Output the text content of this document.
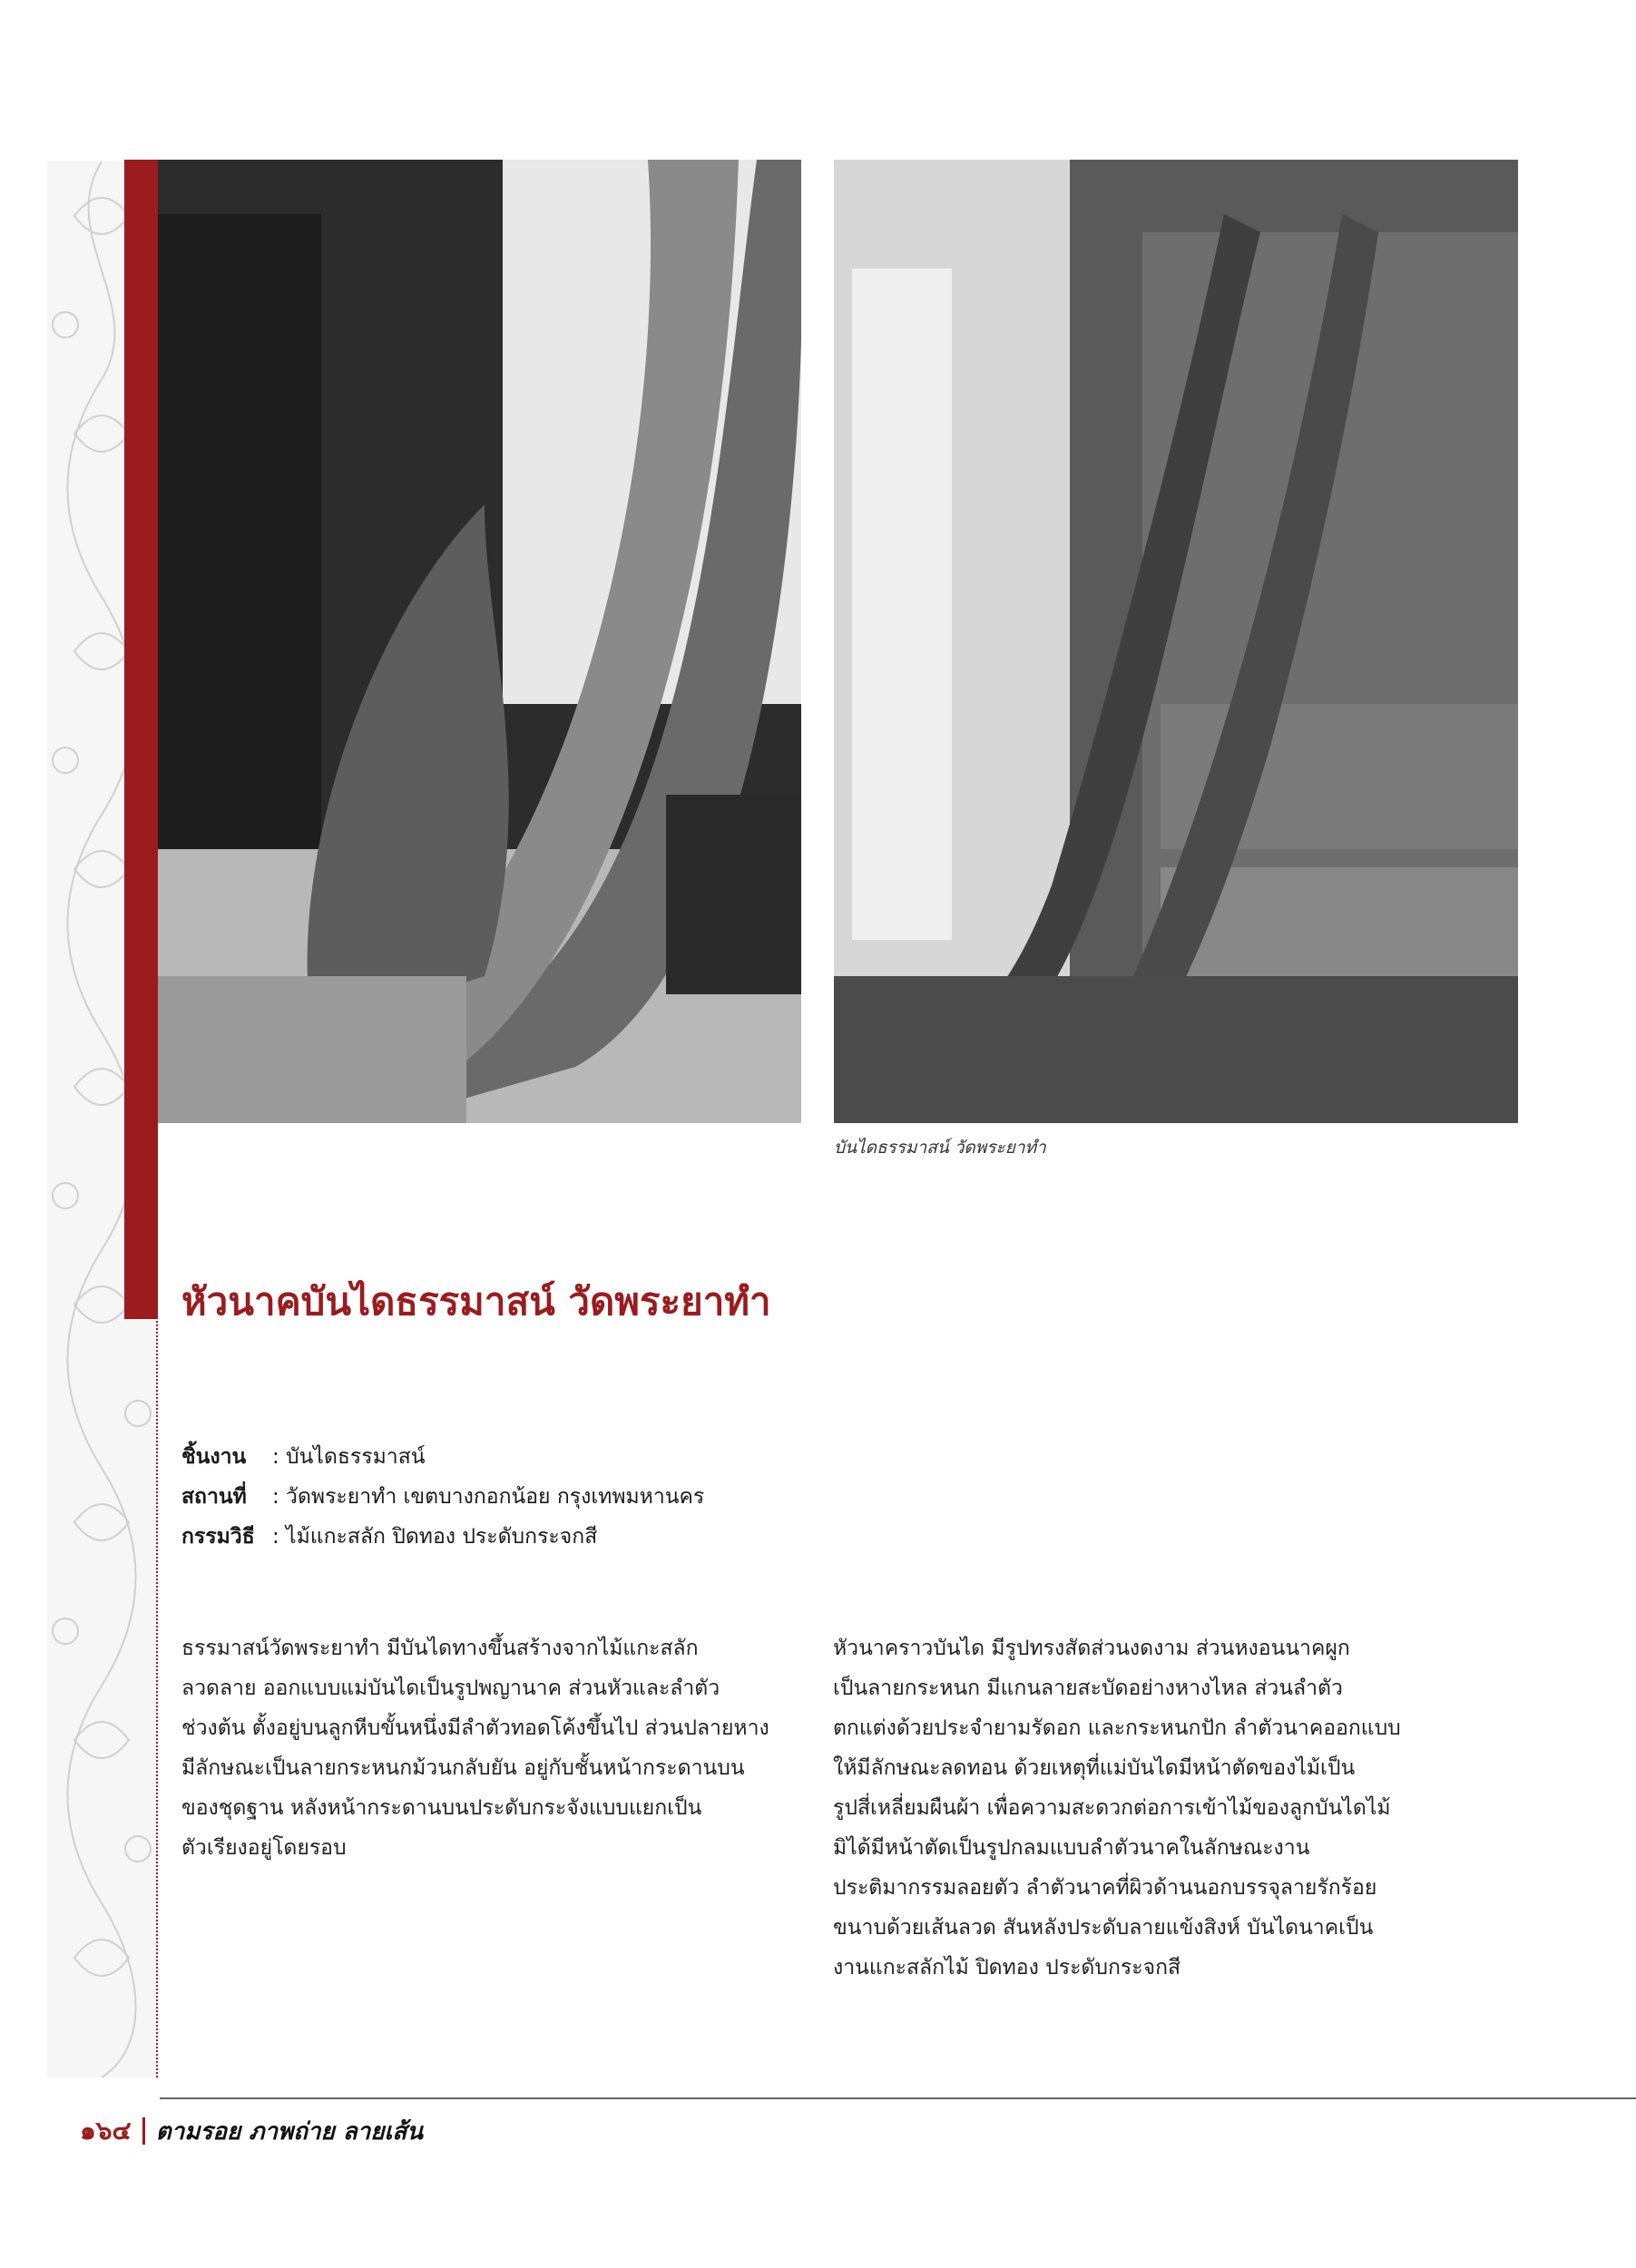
บันไดธรรมาสน์ วัดพระยาทำ
หัวนาคบันไดธรรมาสน์ วัดพระยาทำ
ชิ้นงาน : บันไดธรรมาสน์
สถานที่ : วัดพระยาทำ เขตบางกอกน้อย กรุงเทพมหานคร
กรรมวิธี : ไม้แกะสลัก ปิดทอง ประดับกระจกสี
ธรรมาสน์วัดพระยาทำ มีบันไดทางขึ้นสร้างจากไม้แกะสลัก
ลวดลาย ออกแบบแม่บันไดเป็นรูปพญานาค ส่วนหัวและลำตัว
ช่วงต้น ตั้งอยู่บนลูกหีบขั้นหนึ่งมีลำตัวทอดโค้งขึ้นไป ส่วนปลายหาง
มีลักษณะเป็นลายกระหนกม้วนกลับยัน อยู่กับชั้นหน้ากระดานบน
ของชุดฐาน หลังหน้ากระดานบนประดับกระจังแบบแยกเป็น
ตัวเรียงอยู่โดยรอบ
หัวนาคราวบันได มีรูปทรงสัดส่วนงดงาม ส่วนหงอนนาคผูก
เป็นลายกระหนก มีแกนลายสะบัดอย่างหางไหล ส่วนลำตัว
ตกแต่งด้วยประจำยามรัดอก และกระหนกปัก ลำตัวนาคออกแบบ
ให้มีลักษณะลดทอน ด้วยเหตุที่แม่บันไดมีหน้าตัดของไม้เป็น
รูปสี่เหลี่ยมผืนผ้า เพื่อความสะดวกต่อการเข้าไม้ของลูกบันไดไม้
มิได้มีหน้าตัดเป็นรูปกลมแบบลำตัวนาคในลักษณะงาน
ประติมากรรมลอยตัว ลำตัวนาคที่ผิวด้านนอกบรรจุลายรักร้อย
ขนาบด้วยเส้นลวด สันหลังประดับลายแข้งสิงห์ บันไดนาคเป็น
งานแกะสลักไม้ ปิดทอง ประดับกระจกสี
๑๖๔ ตามรอย ภาพถ่าย ลายเส้น
